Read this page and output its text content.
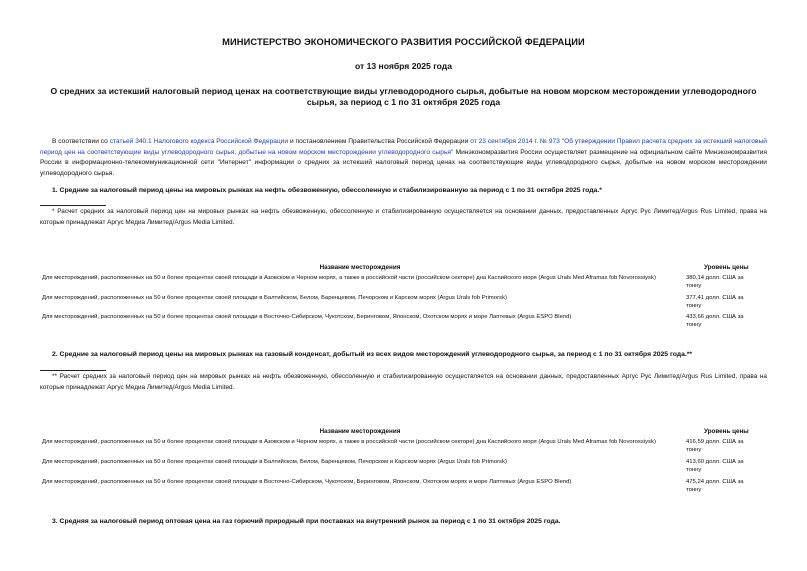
МИНИСТЕРСТВО ЭКОНОМИЧЕСКОГО РАЗВИТИЯ РОССИЙСКОЙ ФЕДЕРАЦИИ
от 13 ноября 2025 года
О средних за истекший налоговый период ценах на соответствующие виды углеводородного сырья, добытые на новом морском месторождении углеводородного сырья, за период с 1 по 31 октября 2025 года
В соответствии со статьей 340.1 Налогового кодекса Российской Федерации и постановлением Правительства Российской Федерации от 23 сентября 2014 г. № 973 "Об утверждении Правил расчета средних за истекший налоговый период цен на соответствующие виды углеводородного сырья, добытые на новом морском месторождении углеводородного сырья" Минэкономразвития России осуществляет размещение на официальном сайте Минэкономразвития России в информационно-телекоммуникационной сети "Интернет" информации о средних за истекший налоговый период ценах на соответствующие виды углеводородного сырья, добытые на новом морском месторождении углеводородного сырья.
1. Средние за налоговый период цены на мировых рынках на нефть обезвоженную, обессоленную и стабилизированную за период с 1 по 31 октября 2025 года.*
* Расчет средних за налоговый период цен на мировых рынках на нефть обезвоженную, обессоленную и стабилизированную осуществляется на основании данных, предоставленных Аргус Рус Лимитед/Argus Rus Limited, права на которые принадлежат Аргус Медиа Лимитед/Argus Media Limited.
Название месторождения	Уровень цены
Для месторождений, расположенных на 50 и более процентах своей площади в Азовском и Черном морях, а также в российской части (российском секторе) дна Каспийского моря (Argus Urals Med Aframax fob Novorossiysk)	380,14 долл. США за тонну
Для месторождений, расположенных на 50 и более процентах своей площади в Балтийском, Белом, Баренцевом, Печорском и Карском морях (Argus Urals fob Primorsk)	377,41 долл. США за тонну
Для месторождений, расположенных на 50 и более процентах своей площади в Восточно-Сибирском, Чукотском, Беринговом, Японском, Охотском морях и море Лаптевых (Argus ESPO Blend)	433,66 долл. США за тонну
2. Средние за налоговый период цены на мировых рынках на газовый конденсат, добытый из всех видов месторождений углеводородного сырья, за период с 1 по 31 октября 2025 года.**
** Расчет средних за налоговый период цен на мировых рынках на нефть обезвоженную, обессоленную и стабилизированную осуществляется на основании данных, предоставленных Аргус Рус Лимитед/Argus Rus Limited, права на которые принадлежат Аргус Медиа Лимитед/Argus Media Limited.
Название месторождения	Уровень цены
Для месторождений, расположенных на 50 и более процентах своей площади в Азовском и Черном морях, а также в российской части (российском секторе) дна Каспийского моря (Argus Urals Med Aframax fob Novorossiysk)	416,59 долл. США за тонну
Для месторождений, расположенных на 50 и более процентах своей площади в Балтийском, Белом, Баренцевом, Печорском и Карском морях (Argus Urals fob Primorsk)	413,60 долл. США за тонну
Для месторождений, расположенных на 50 и более процентах своей площади в Восточно-Сибирском, Чукотском, Беринговом, Японском, Охотском морях и море Лаптевых (Argus ESPO Blend)	475,24 долл. США за тонну
3. Средняя за налоговый период оптовая цена на газ горючий природный при поставках на внутренний рынок за период с 1 по 31 октября 2025 года.
